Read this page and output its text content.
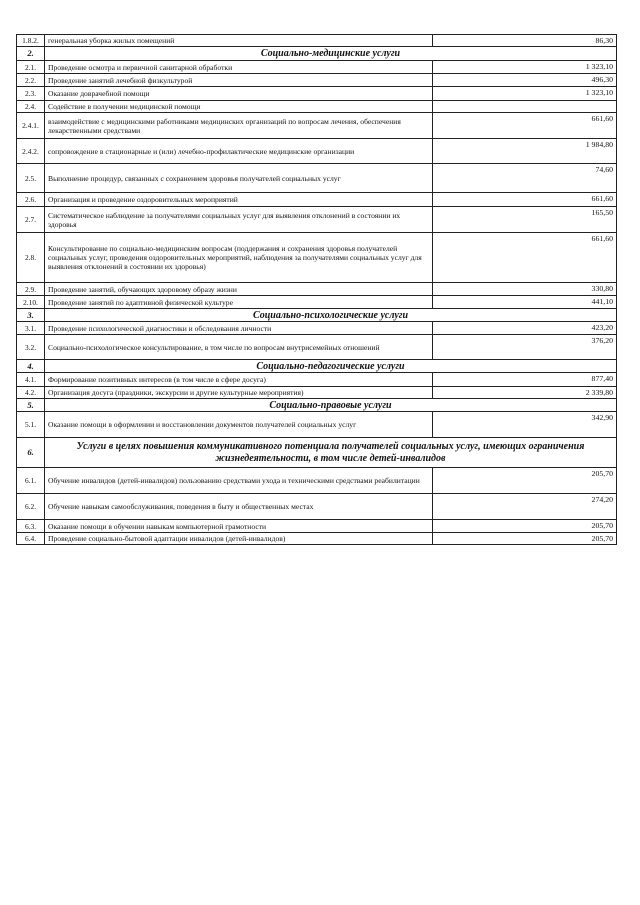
1.8.2.	генеральная уборка жилых помещений	86,30
2.	Социально-медицинские услуги	
2.1.	Проведение осмотра и первичной санитарной обработки	1 323,10
2.2.	Проведение занятий лечебной физкультурой	496,30
2.3.	Оказание доврачебной помощи	1 323,10
2.4.	Содействие в получении медицинской помощи	
2.4.1.	взаимодействие с медицинскими работниками медицинских организаций по вопросам лечения, обеспечения лекарственными средствами	661,60
2.4.2.	сопровождение в стационарные и (или) лечебно-профилактические медицинские организации	1 984,80
2.5.	Выполнение процедур, связанных с сохранением здоровья получателей социальных услуг	74,60
2.6.	Организация и проведение оздоровительных мероприятий	661,60
2.7.	Систематическое наблюдение за получателями социальных услуг для выявления отклонений в состоянии их здоровья	165,50
2.8.	Консультирование по социально-медицинским вопросам (поддержания и сохранения здоровья получателей социальных услуг, проведения оздоровительных мероприятий, наблюдения за получателями социальных услуг для выявления отклонений в состоянии их здоровья)	661,60
2.9.	Проведение занятий, обучающих здоровому образу жизни	330,80
2.10.	Проведение занятий по адаптивной физической культуре	441,10
3.	Социально-психологические услуги	
3.1.	Проведение психологической диагностики и обследования личности	423,20
3.2.	Социально-психологическое консультирование, в том числе по вопросам внутрисемейных отношений	376,20
4.	Социально-педагогические услуги	
4.1.	Формирование позитивных интересов (в том числе в сфере досуга)	877,40
4.2.	Организация досуга (праздники, экскурсии и другие культурные мероприятия)	2 339,80
5.	Социально-правовые услуги	
5.1.	Оказание помощи в оформлении и восстановлении документов получателей социальных услуг	342,90
6.	Услуги в целях повышения коммуникативного потенциала получателей социальных услуг, имеющих ограничения жизнедеятельности, в том числе детей-инвалидов	
6.1.	Обучение инвалидов (детей-инвалидов) пользованию средствами ухода и техническими средствами реабилитации	205,70
6.2.	Обучение навыкам самообслуживания, поведения в быту и общественных местах	274,20
6.3.	Оказание помощи в обучении навыкам компьютерной грамотности	205,70
6.4.	Проведение социально-бытовой адаптации инвалидов (детей-инвалидов)	205,70
